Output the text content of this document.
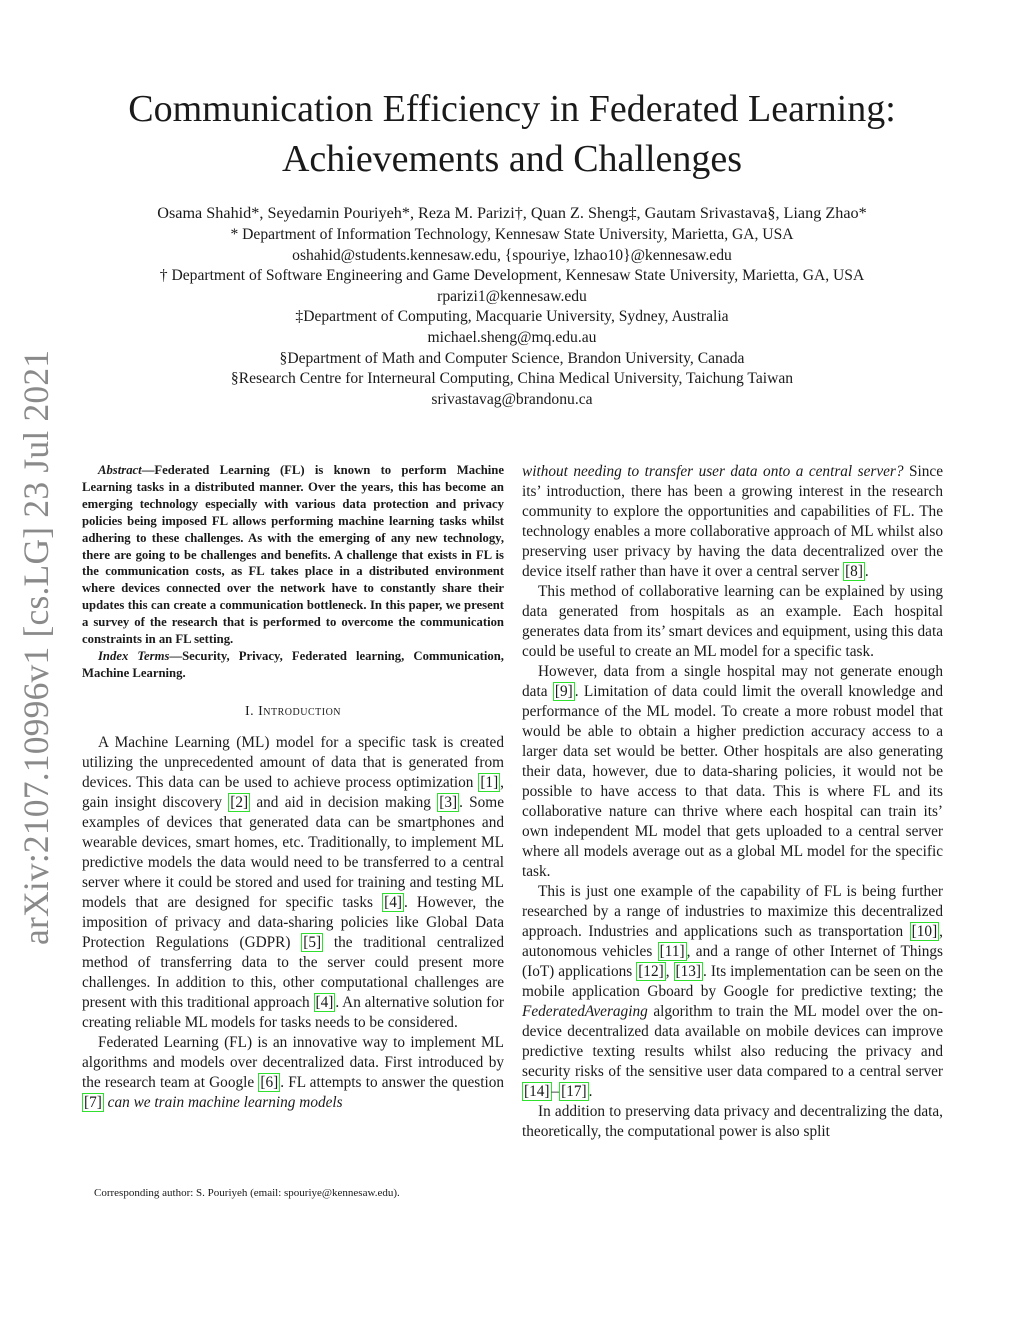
arXiv:2107.10996v1 [cs.LG] 23 Jul 2021
Communication Efficiency in Federated Learning:
Achievements and Challenges
Osama Shahid*, Seyedamin Pouriyeh*, Reza M. Parizi†, Quan Z. Sheng‡, Gautam Srivastava§, Liang Zhao*
* Department of Information Technology, Kennesaw State University, Marietta, GA, USA
oshahid@students.kennesaw.edu, {spouriye, lzhao10}@kennesaw.edu
† Department of Software Engineering and Game Development, Kennesaw State University, Marietta, GA, USA
rparizi1@kennesaw.edu
‡Department of Computing, Macquarie University, Sydney, Australia
michael.sheng@mq.edu.au
§Department of Math and Computer Science, Brandon University, Canada
§Research Centre for Interneural Computing, China Medical University, Taichung Taiwan
srivastavag@brandonu.ca

Abstract—Federated Learning (FL) is known to perform Machine Learning tasks in a distributed manner. Over the years, this has become an emerging technology especially with various data protection and privacy policies being imposed FL allows performing machine learning tasks whilst adhering to these challenges. As with the emerging of any new technology, there are going to be challenges and benefits. A challenge that exists in FL is the communication costs, as FL takes place in a distributed environment where devices connected over the network have to constantly share their updates this can create a communication bottleneck. In this paper, we present a survey of the research that is performed to overcome the communication constraints in an FL setting.

Index Terms—Security, Privacy, Federated learning, Communication, Machine Learning.

I. Introduction

A Machine Learning (ML) model for a specific task is created utilizing the unprecedented amount of data that is generated from devices. This data can be used to achieve process optimization [1] , gain insight discovery [2] and aid in decision making [3] . Some examples of devices that generated data can be smartphones and wearable devices, smart homes, etc. Traditionally, to implement ML predictive models the data would need to be transferred to a central server where it could be stored and used for training and testing ML models that are designed for specific tasks [4] . However, the imposition of privacy and data-sharing policies like Global Data Protection Regulations (GDPR) [5] the traditional centralized method of transferring data to the server could present more challenges. In addition to this, other computational challenges are present with this traditional approach [4] . An alternative solution for creating reliable ML models for tasks needs to be considered.

Federated Learning (FL) is an innovative way to implement ML algorithms and models over decentralized data. First introduced by the research team at Google [6] . FL attempts to answer the question [7] can we train machine learning models

Corresponding author: S. Pouriyeh (email: spouriye@kennesaw.edu).

without needing to transfer user data onto a central server? Since its’ introduction, there has been a growing interest in the research community to explore the opportunities and capabilities of FL. The technology enables a more collaborative approach of ML whilst also preserving user privacy by having the data decentralized over the device itself rather than have it over a central server [8] .

This method of collaborative learning can be explained by using data generated from hospitals as an example. Each hospital generates data from its’ smart devices and equipment, using this data could be useful to create an ML model for a specific task.

However, data from a single hospital may not generate enough data [9] . Limitation of data could limit the overall knowledge and performance of the ML model. To create a more robust model that would be able to obtain a higher prediction accuracy access to a larger data set would be better. Other hospitals are also generating their data, however, due to data-sharing policies, it would not be possible to have access to that data. This is where FL and its collaborative nature can thrive where each hospital can train its’ own independent ML model that gets uploaded to a central server where all models average out as a global ML model for the specific task.

This is just one example of the capability of FL is being further researched by a range of industries to maximize this decentralized approach. Industries and applications such as transportation [10] , autonomous vehicles [11] , and a range of other Internet of Things (IoT) applications [12] , [13] . Its implementation can be seen on the mobile application Gboard by Google for predictive texting; the FederatedAveraging algorithm to train the ML model over the on-device decentralized data available on mobile devices can improve predictive texting results whilst also reducing the privacy and security risks of the sensitive user data compared to a central server [14] – [17] .

In addition to preserving data privacy and decentralizing the data, theoretically, the computational power is also split
